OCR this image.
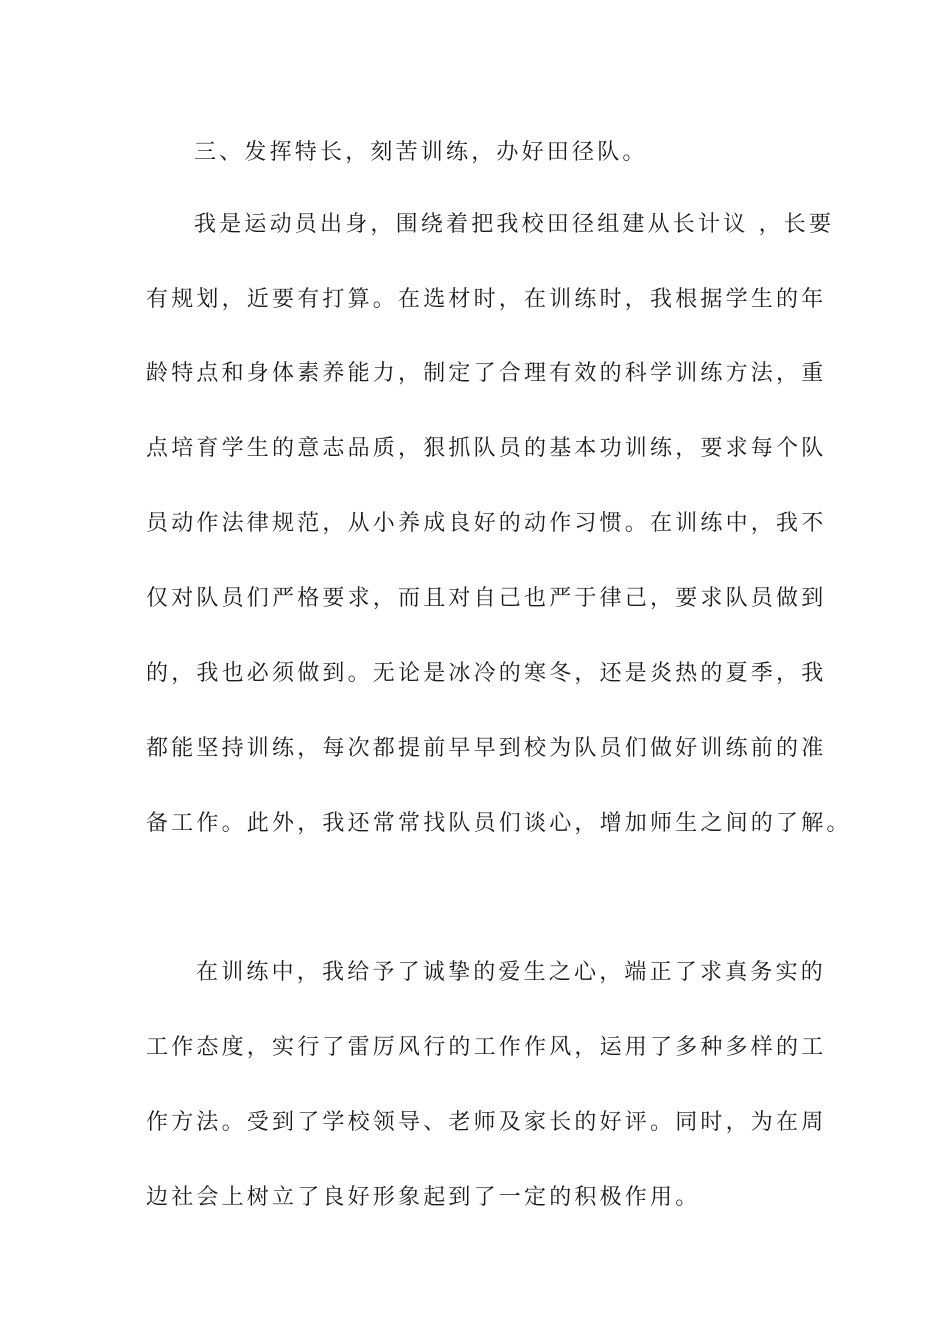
三、发挥特长，刻苦训练，办好田径队。
我是运动员出身，围绕着把我校田径组建从长计议 ，长要
有规划，近要有打算。在选材时，在训练时，我根据学生的年
龄特点和身体素养能力，制定了合理有效的科学训练方法，重
点培育学生的意志品质，狠抓队员的基本功训练，要求每个队
员动作法律规范，从小养成良好的动作习惯。在训练中，我不
仅对队员们严格要求，而且对自己也严于律己，要求队员做到
的，我也必须做到。无论是冰冷的寒冬，还是炎热的夏季，我
都能坚持训练，每次都提前早早到校为队员们做好训练前的准
备工作。此外，我还常常找队员们谈心，增加师生之间的了解。
在训练中，我给予了诚挚的爱生之心，端正了求真务实的
工作态度，实行了雷厉风行的工作作风，运用了多种多样的工
作方法。受到了学校领导、老师及家长的好评。同时，为在周
边社会上树立了良好形象起到了一定的积极作用。
